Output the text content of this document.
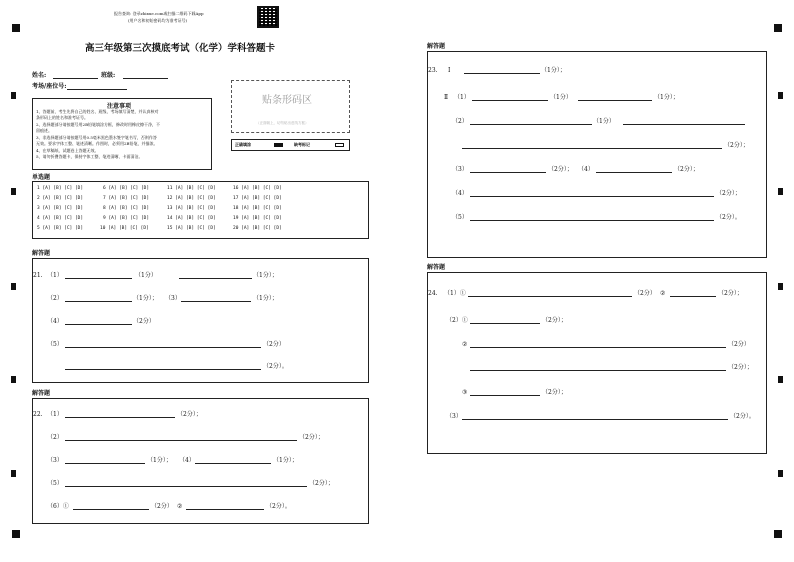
报告查询: 登录zhixue.com或扫描二维码下载App
(用户名和初始密码均为准考证号)
高三年级第三次摸底考试（化学）学科答题卡
姓名:	班级:
考场/座位号:
注意事项
1、答题前，考生先将自己的姓名、班级、考场填写清楚，并认真核对
条形码上的姓名和准考证号。
2、选择题部分请按题号用2B铅笔填涂方框，修改时用橡皮擦干净，不
留痕迹。
3、非选择题部分请按题号用0.5毫米黑色墨水签字笔书写，否则作答
无效。要求字体工整、笔迹清晰。作图时，必须用2B铅笔，并描浓。
4、在草稿纸、试题卷上答题无效。
5、请勿折叠答题卡，保持字体工整、笔迹清晰、卡面清洁。
贴条形码区
（正面朝上，切勿贴出虚线方框）
正确填涂	缺考标记
单选题
1 [A] [B] [C] [D]
2 [A] [B] [C] [D]
3 [A] [B] [C] [D]
4 [A] [B] [C] [D]
5 [A] [B] [C] [D]
6 [A] [B] [C] [D]
7 [A] [B] [C] [D]
8 [A] [B] [C] [D]
9 [A] [B] [C] [D]
10 [A] [B] [C] [D]
11 [A] [B] [C] [D]
12 [A] [B] [C] [D]
13 [A] [B] [C] [D]
14 [A] [B] [C] [D]
15 [A] [B] [C] [D]
16 [A] [B] [C] [D]
17 [A] [B] [C] [D]
18 [A] [B] [C] [D]
19 [A] [B] [C] [D]
20 [A] [B] [C] [D]
解答题
21. （1）	（1分）	（1分）；
（2）	（1分）； （3）	（1分）；
（4）	（2分）
（5）	（2分）
（2分）。
解答题
22. （1）	（2分）；
（2）	（2分）；
（3）	（1分）； （4）	（1分）；
（5）	（2分）；
（6）①	（2分） ②	（2分）。
解答题
23. Ⅰ	（1分）；
Ⅱ （1）	（1分）	（1分）；
（2）	（1分）
（2分）；
（3）	（2分）； （4）	（2分）；
（4）	（2分）；
（5）	（2分）。
解答题
24. （1）①	（2分） ②	（2分）；
（2）①	（2分）；
②	（2分）
（2分）；
③	（2分）；
（3）	（2分）。
